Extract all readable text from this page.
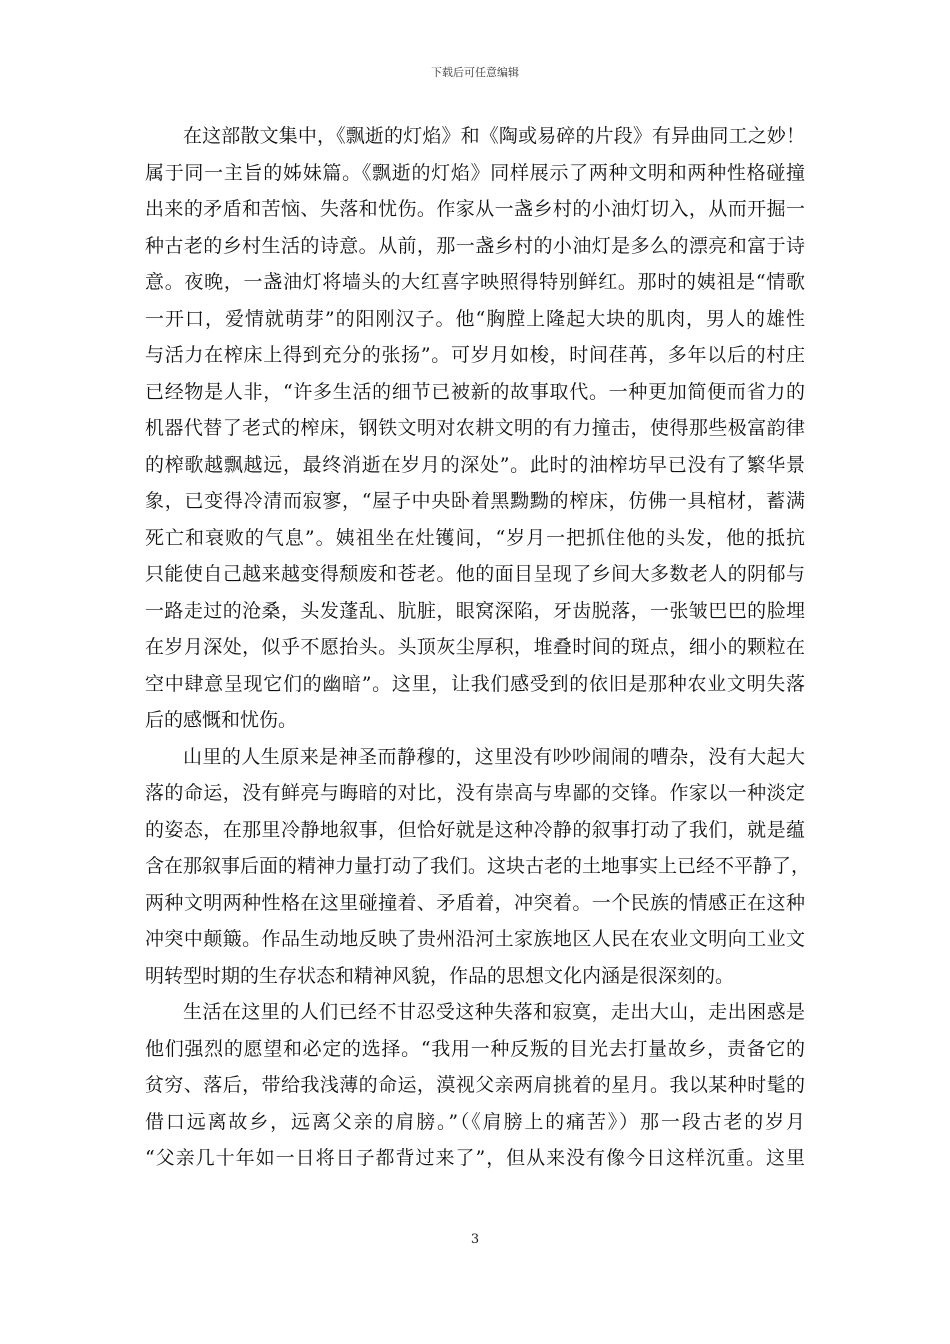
下载后可任意编辑
在这部散文集中，《飘逝的灯焰》和《陶或易碎的片段》有异曲同工之妙！
属于同一主旨的姊妹篇。《飘逝的灯焰》同样展示了两种文明和两种性格碰撞
出来的矛盾和苦恼、失落和忧伤。作家从一盏乡村的小油灯切入，从而开掘一
种古老的乡村生活的诗意。从前，那一盏乡村的小油灯是多么的漂亮和富于诗
意。夜晚，一盏油灯将墙头的大红喜字映照得特别鲜红。那时的姨祖是“情歌
一开口，爱情就萌芽”的阳刚汉子。他“胸膛上隆起大块的肌肉，男人的雄性
与活力在榨床上得到充分的张扬”。可岁月如梭，时间荏苒，多年以后的村庄
已经物是人非，“许多生活的细节已被新的故事取代。一种更加简便而省力的
机器代替了老式的榨床，钢铁文明对农耕文明的有力撞击，使得那些极富韵律
的榨歌越飘越远，最终消逝在岁月的深处”。此时的油榨坊早已没有了繁华景
象，已变得冷清而寂寥，“屋子中央卧着黑黝黝的榨床，仿佛一具棺材，蓄满
死亡和衰败的气息”。姨祖坐在灶镬间，“岁月一把抓住他的头发，他的抵抗
只能使自己越来越变得颓废和苍老。他的面目呈现了乡间大多数老人的阴郁与
一路走过的沧桑，头发蓬乱、肮脏，眼窝深陷，牙齿脱落，一张皱巴巴的脸埋
在岁月深处，似乎不愿抬头。头顶灰尘厚积，堆叠时间的斑点，细小的颗粒在
空中肆意呈现它们的幽暗”。这里，让我们感受到的依旧是那种农业文明失落
后的感慨和忧伤。
山里的人生原来是神圣而静穆的，这里没有吵吵闹闹的嘈杂，没有大起大
落的命运，没有鲜亮与晦暗的对比，没有崇高与卑鄙的交锋。作家以一种淡定
的姿态，在那里冷静地叙事，但恰好就是这种冷静的叙事打动了我们，就是蕴
含在那叙事后面的精神力量打动了我们。这块古老的土地事实上已经不平静了，
两种文明两种性格在这里碰撞着、矛盾着，冲突着。一个民族的情感正在这种
冲突中颠簸。作品生动地反映了贵州沿河土家族地区人民在农业文明向工业文
明转型时期的生存状态和精神风貌，作品的思想文化内涵是很深刻的。
生活在这里的人们已经不甘忍受这种失落和寂寞，走出大山，走出困惑是
他们强烈的愿望和必定的选择。“我用一种反叛的目光去打量故乡，责备它的
贫穷、落后，带给我浅薄的命运，漠视父亲两肩挑着的星月。我以某种时髦的
借口远离故乡，远离父亲的肩膀。”（《肩膀上的痛苦》）那一段古老的岁月
“父亲几十年如一日将日子都背过来了”，但从来没有像今日这样沉重。这里
3
